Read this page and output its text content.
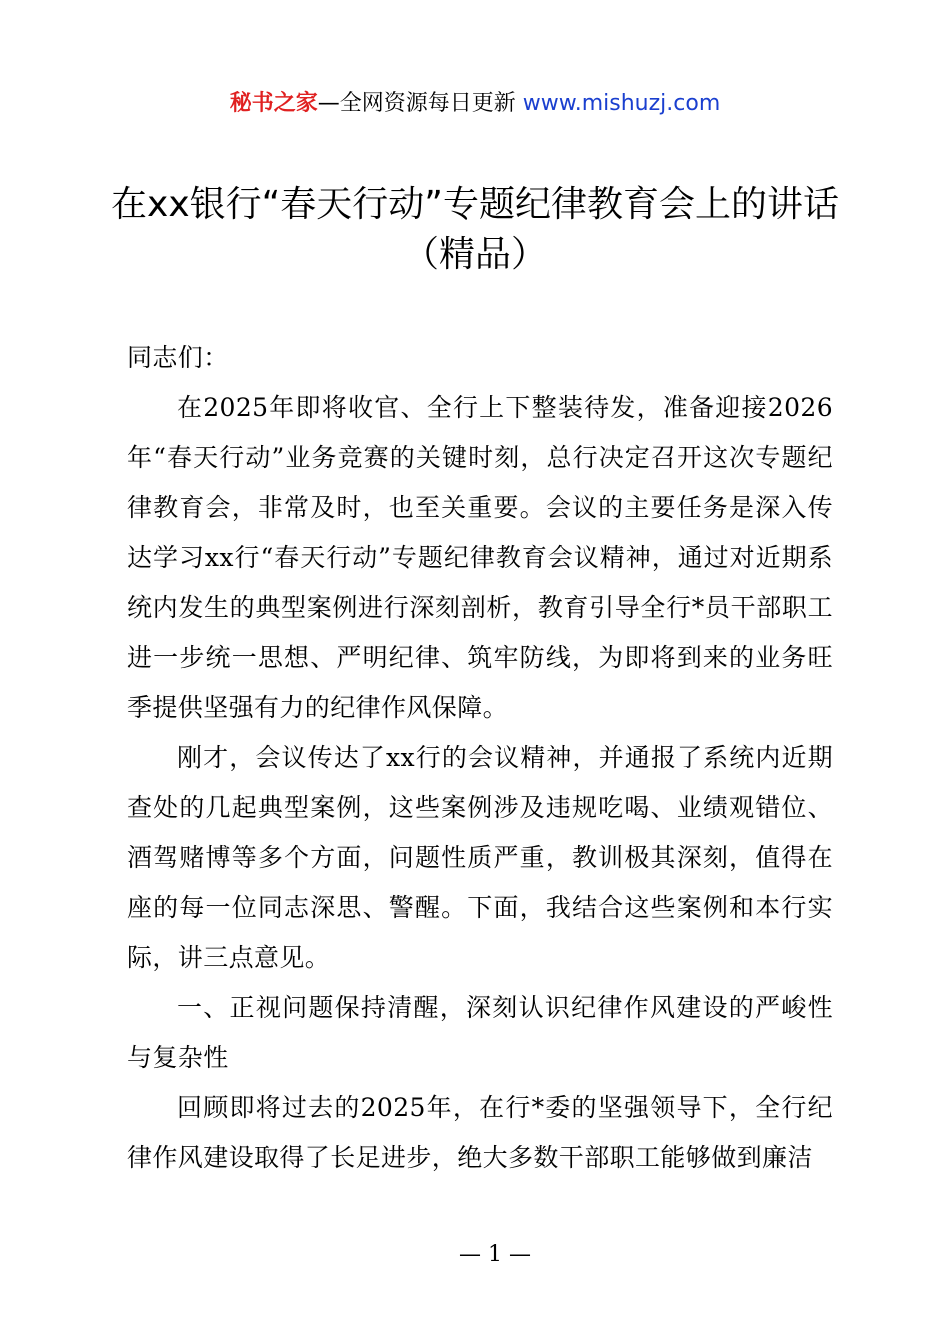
秘书之家—全网资源每日更新 www.mishuzj.com
在xx银行“春天行动”专题纪律教育会上的讲话（精品）

同志们：

在2025年即将收官、全行上下整装待发，准备迎接2026年“春天行动”业务竞赛的关键时刻，总行决定召开这次专题纪律教育会，非常及时，也至关重要。会议的主要任务是深入传达学习xx行“春天行动”专题纪律教育会议精神，通过对近期系统内发生的典型案例进行深刻剖析，教育引导全行*员干部职工进一步统一思想、严明纪律、筑牢防线，为即将到来的业务旺季提供坚强有力的纪律作风保障。

刚才，会议传达了xx行的会议精神，并通报了系统内近期查处的几起典型案例，这些案例涉及违规吃喝、业绩观错位、酒驾赌博等多个方面，问题性质严重，教训极其深刻，值得在座的每一位同志深思、警醒。下面，我结合这些案例和本行实际，讲三点意见。

一、正视问题保持清醒，深刻认识纪律作风建设的严峻性与复杂性

回顾即将过去的2025年，在行*委的坚强领导下，全行纪律作风建设取得了长足进步，绝大多数干部职工能够做到廉洁

— 1 —
